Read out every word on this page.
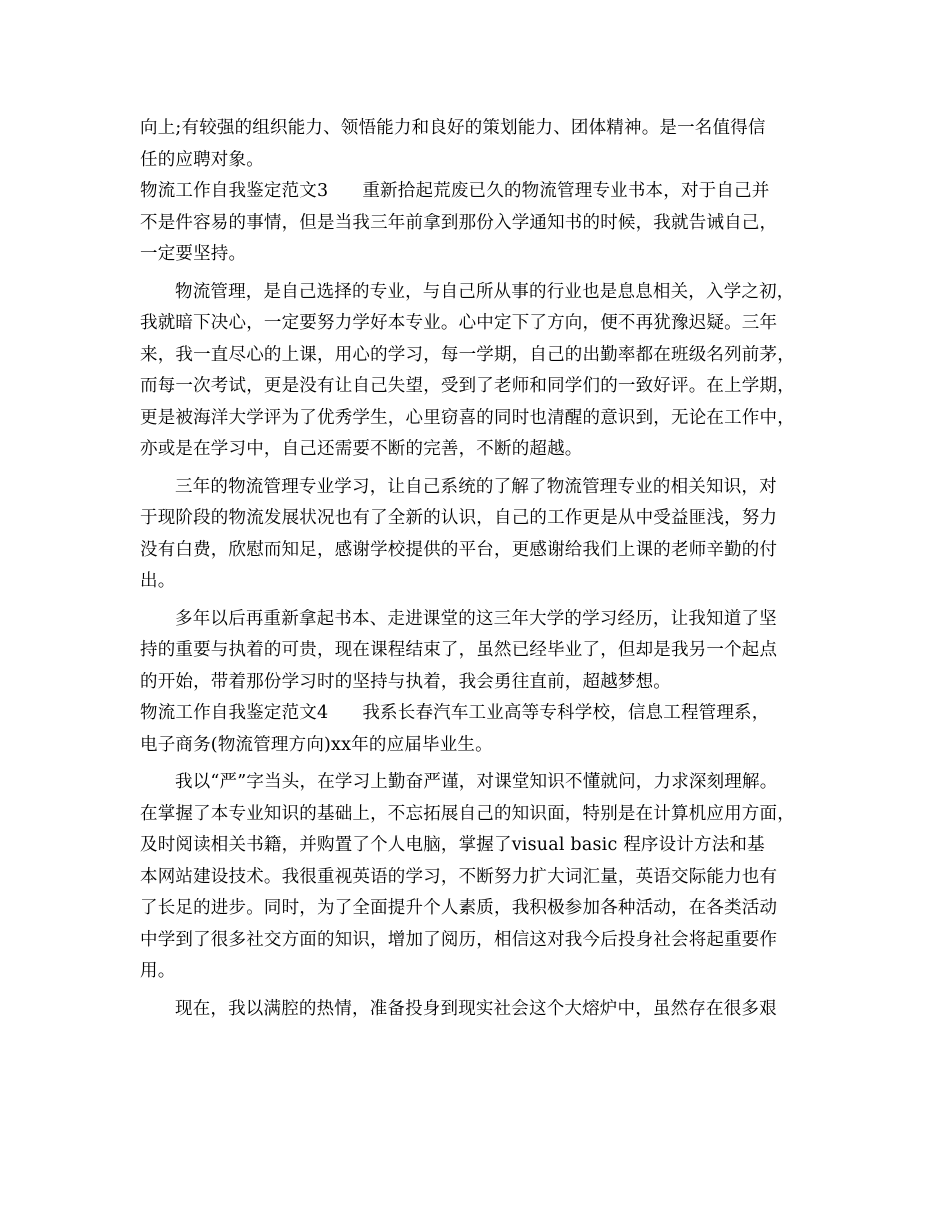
向上;有较强的组织能力、领悟能力和良好的策划能力、团体精神。是一名值得信
任的应聘对象。
物流工作自我鉴定范文3 重新拾起荒废已久的物流管理专业书本，对于自己并
不是件容易的事情，但是当我三年前拿到那份入学通知书的时候，我就告诫自己，
一定要坚持。
物流管理，是自己选择的专业，与自己所从事的行业也是息息相关，入学之初，
我就暗下决心，一定要努力学好本专业。心中定下了方向，便不再犹豫迟疑。三年
来，我一直尽心的上课，用心的学习，每一学期，自己的出勤率都在班级名列前茅，
而每一次考试，更是没有让自己失望，受到了老师和同学们的一致好评。在上学期，
更是被海洋大学评为了优秀学生，心里窃喜的同时也清醒的意识到，无论在工作中，
亦或是在学习中，自己还需要不断的完善，不断的超越。
三年的物流管理专业学习，让自己系统的了解了物流管理专业的相关知识，对
于现阶段的物流发展状况也有了全新的认识，自己的工作更是从中受益匪浅，努力
没有白费，欣慰而知足，感谢学校提供的平台，更感谢给我们上课的老师辛勤的付
出。
多年以后再重新拿起书本、走进课堂的这三年大学的学习经历，让我知道了坚
持的重要与执着的可贵，现在课程结束了，虽然已经毕业了，但却是我另一个起点
的开始，带着那份学习时的坚持与执着，我会勇往直前，超越梦想。
物流工作自我鉴定范文4 我系长春汽车工业高等专科学校，信息工程管理系，
电子商务(物流管理方向)xx年的应届毕业生。
我以“严”字当头，在学习上勤奋严谨，对课堂知识不懂就问，力求深刻理解。
在掌握了本专业知识的基础上，不忘拓展自己的知识面，特别是在计算机应用方面，
及时阅读相关书籍，并购置了个人电脑，掌握了visual basic 程序设计方法和基
本网站建设技术。我很重视英语的学习，不断努力扩大词汇量，英语交际能力也有
了长足的进步。同时，为了全面提升个人素质，我积极参加各种活动，在各类活动
中学到了很多社交方面的知识，增加了阅历，相信这对我今后投身社会将起重要作
用。
现在，我以满腔的热情，准备投身到现实社会这个大熔炉中，虽然存在很多艰
